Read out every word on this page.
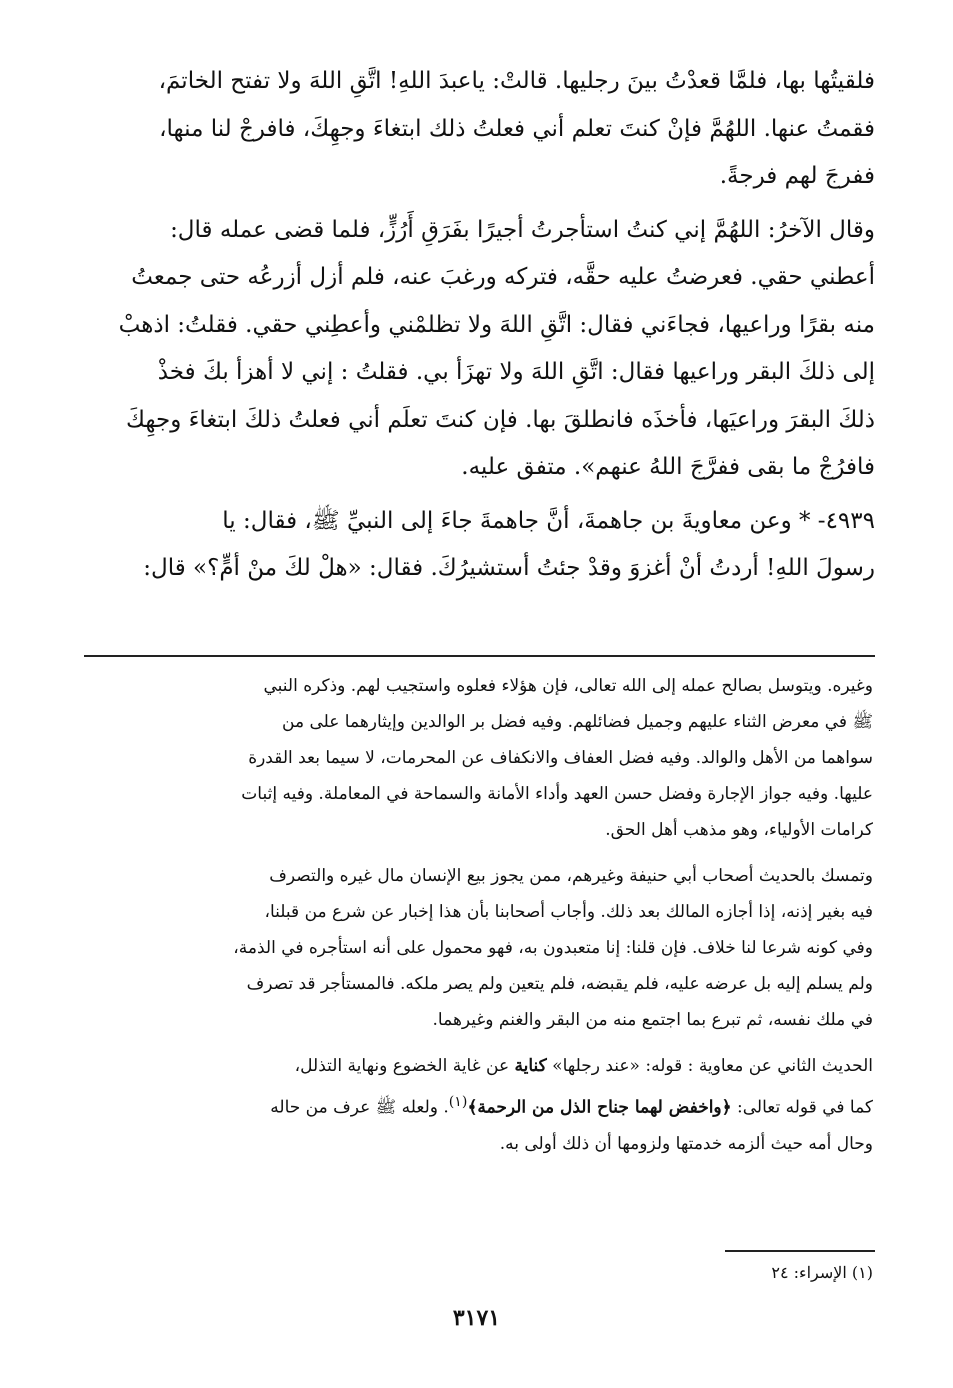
فلقيتُها بها، فلمَّا قعدْتُ بينَ رجليها. قالتْ: ياعبدَ اللهِ! اتَّقِ اللهَ ولا تفتح الخاتمَ،
فقمتُ عنها. اللهُمَّ فإنْ كنتَ تعلم أني فعلتُ ذلك ابتغاءَ وجهِكَ، فافرجْ لنا منها،
ففرجَ لهم فرجةً.

وقال الآخرُ: اللهُمَّ إني كنتُ استأجرتُ أجيرًا بفَرَقِ أَرُزٍّ، فلما قضى عمله قال:
أعطني حقي. فعرضتُ عليه حقَّه، فتركه ورغبَ عنه، فلم أزل أزرعُه حتى جمعتُ
منه بقرًا وراعيها، فجاءَني فقال: اتَّقِ اللهَ ولا تظلمْني وأعطِني حقي. فقلتُ: اذهبْ
إلى ذلكَ البقر وراعيها فقال: اتَّقِ اللهَ ولا تهزَأ بي. فقلتُ : إني لا أهزأ بكَ فخذْ
ذلكَ البقرَ وراعيَها، فأخذَه فانطلقَ بها. فإن كنتَ تعلَم أني فعلتُ ذلكَ ابتغاءَ وجهِكَ
فافرُجْ ما بقى ففرَّجَ اللهُ عنهم». متفق عليه.

٤٩٣٩- * وعن معاويةَ بن جاهمةَ، أنَّ جاهمةَ جاءَ إلى النبيِّ ﷺ، فقال: يا
رسولَ اللهِ! أردتُ أنْ أغزوَ وقدْ جئتُ أستشيرُكَ. فقال: «هلْ لكَ منْ أمٍّ؟» قال:

وغيره. ويتوسل بصالح عمله إلى الله تعالى، فإن هؤلاء فعلوه واستجيب لهم. وذكره النبي
ﷺ في معرض الثناء عليهم وجميل فضائلهم. وفيه فضل بر الوالدين وإيثارهما على من
سواهما من الأهل والوالد. وفيه فضل العفاف والانكفاف عن المحرمات، لا سيما بعد القدرة
عليها. وفيه جواز الإجارة وفضل حسن العهد وأداء الأمانة والسماحة في المعاملة. وفيه إثبات
كرامات الأولياء، وهو مذهب أهل الحق.

وتمسك بالحديث أصحاب أبي حنيفة وغيرهم، ممن يجوز بيع الإنسان مال غيره والتصرف
فيه بغير إذنه، إذا أجازه المالك بعد ذلك. وأجاب أصحابنا بأن هذا إخبار عن شرع من قبلنا،
وفي كونه شرعا لنا خلاف. فإن قلنا: إنا متعبدون به، فهو محمول على أنه استأجره في الذمة،
ولم يسلم إليه بل عرضه عليه، فلم يقبضه، فلم يتعين ولم يصر ملكه. فالمستأجر قد تصرف
في ملك نفسه، ثم تبرع بما اجتمع منه من البقر والغنم وغيرهما.

الحديث الثاني عن معاوية : قوله: «عند رجلها» كناية عن غاية الخضوع ونهاية التذلل،
كما في قوله تعالى: ﴿واخفض لهما جناح الذل من الرحمة﴾$^{(١)}$. ولعله ﷺ عرف من حاله
وحال أمه حيث ألزمه خدمتها ولزومها أن ذلك أولى به.

(١) الإسراء: ٢٤
٣١٧١
